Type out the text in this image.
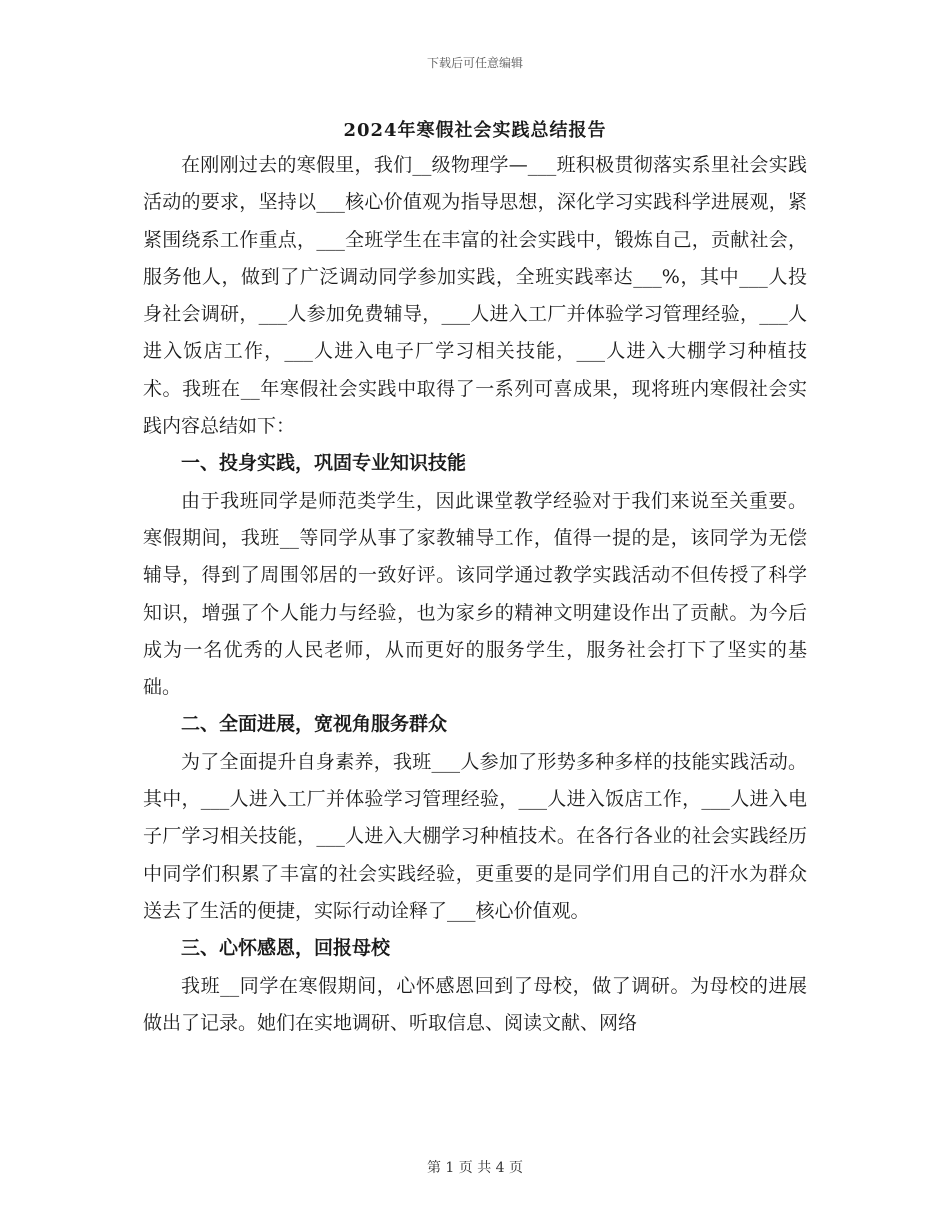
下载后可任意编辑
2024年寒假社会实践总结报告

在刚刚过去的寒假里，我们__级物理学—___班积极贯彻落实系里社会实践活动的要求，坚持以___核心价值观为指导思想，深化学习实践科学进展观，紧紧围绕系工作重点，___全班学生在丰富的社会实践中，锻炼自己，贡献社会，服务他人，做到了广泛调动同学参加实践，全班实践率达___%，其中___人投身社会调研，___人参加免费辅导，___人进入工厂并体验学习管理经验，___人进入饭店工作，___人进入电子厂学习相关技能，___人进入大棚学习种植技术。我班在__年寒假社会实践中取得了一系列可喜成果，现将班内寒假社会实践内容总结如下：

一、投身实践，巩固专业知识技能

由于我班同学是师范类学生，因此课堂教学经验对于我们来说至关重要。寒假期间，我班__等同学从事了家教辅导工作，值得一提的是，该同学为无偿辅导，得到了周围邻居的一致好评。该同学通过教学实践活动不但传授了科学知识，增强了个人能力与经验，也为家乡的精神文明建设作出了贡献。为今后成为一名优秀的人民老师，从而更好的服务学生，服务社会打下了坚实的基础。

二、全面进展，宽视角服务群众

为了全面提升自身素养，我班___人参加了形势多种多样的技能实践活动。其中，___人进入工厂并体验学习管理经验，___人进入饭店工作，___人进入电子厂学习相关技能，___人进入大棚学习种植技术。在各行各业的社会实践经历中同学们积累了丰富的社会实践经验，更重要的是同学们用自己的汗水为群众送去了生活的便捷，实际行动诠释了___核心价值观。

三、心怀感恩，回报母校

我班__同学在寒假期间，心怀感恩回到了母校，做了调研。为母校的进展做出了记录。她们在实地调研、听取信息、阅读文献、网络

第 1 页 共 4 页
